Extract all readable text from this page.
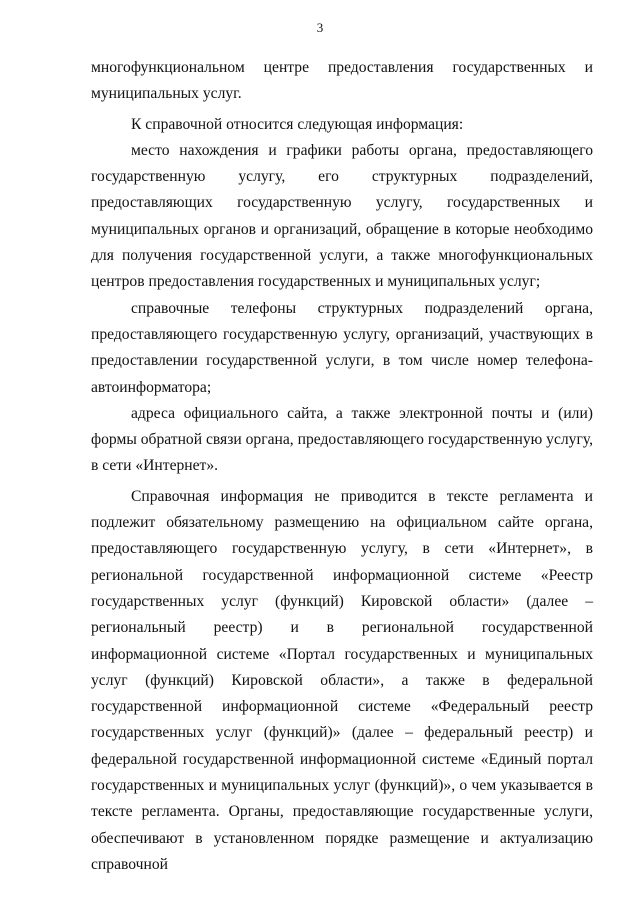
3

многофункциональном центре предоставления государственных и муниципальных услуг.

К справочной относится следующая информация:

место нахождения и графики работы органа, предоставляющего государственную услугу, его структурных подразделений, предоставляющих государственную услугу, государственных и муниципальных органов и организаций, обращение в которые необходимо для получения государственной услуги, а также многофункциональных центров предоставления государственных и муниципальных услуг;

справочные телефоны структурных подразделений органа, предоставляющего государственную услугу, организаций, участвующих в предоставлении государственной услуги, в том числе номер телефона-автоинформатора;

адреса официального сайта, а также электронной почты и (или) формы обратной связи органа, предоставляющего государственную услугу, в сети «Интернет».

Справочная информация не приводится в тексте регламента и подлежит обязательному размещению на официальном сайте органа, предоставляющего государственную услугу, в сети «Интернет», в региональной государственной информационной системе «Реестр государственных услуг (функций) Кировской области» (далее – региональный реестр) и в региональной государственной информационной системе «Портал государственных и муниципальных услуг (функций) Кировской области», а также в федеральной государственной информационной системе «Федеральный реестр государственных услуг (функций)» (далее – федеральный реестр) и федеральной государственной информационной системе «Единый портал государственных и муниципальных услуг (функций)», о чем указывается в тексте регламента. Органы, предоставляющие государственные услуги, обеспечивают в установленном порядке размещение и актуализацию справочной
